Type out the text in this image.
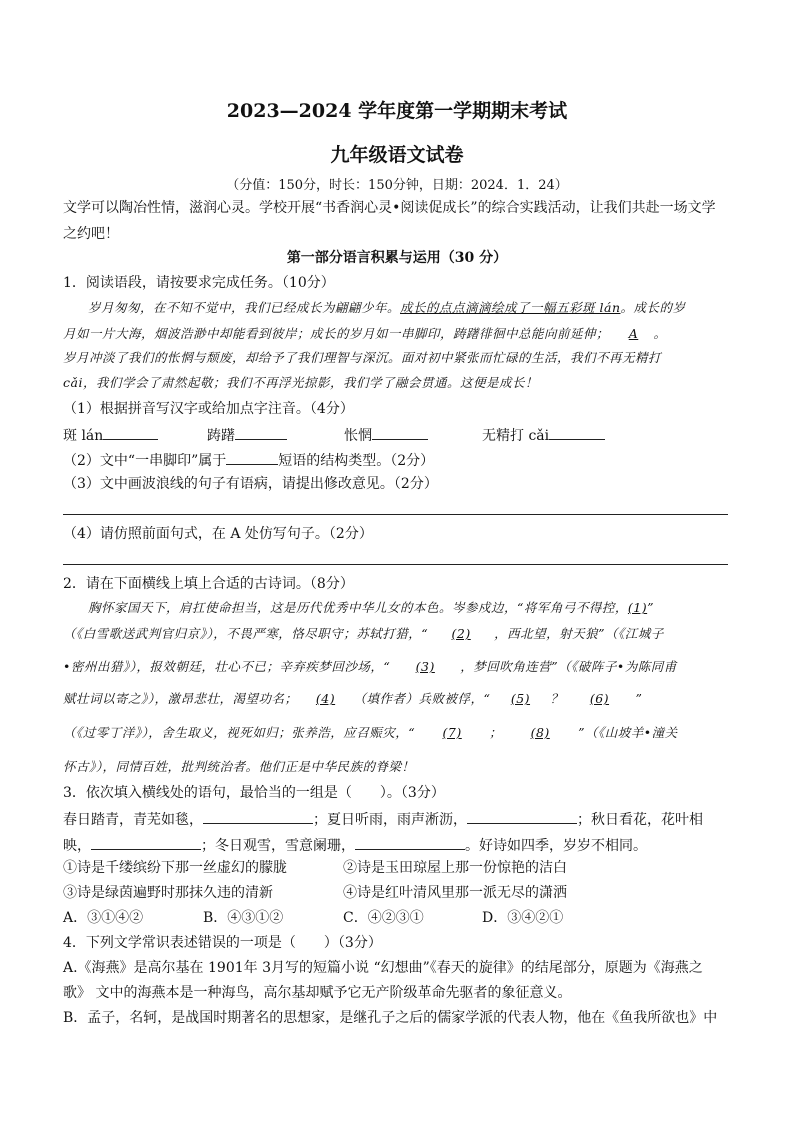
2023—2024 学年度第一学期期末考试
九年级语文试卷
（分值：150分，时长：150分钟，日期：2024．1．24）
文学可以陶冶性情，滋润心灵。学校开展“书香润心灵•阅读促成长”的综合实践活动，让我们共赴一场文学
之约吧！
第一部分语言积累与运用（30 分）
1．阅读语段，请按要求完成任务。（10分）
岁月匆匆，在不知不觉中，我们已经成长为翩翩少年。成长的点点滴滴绘成了一幅五彩斑 lán。成长的岁
月如一片大海，烟波浩渺中却能看到彼岸；成长的岁月如一串脚印，踌躇徘徊中总能向前延伸； A 。
岁月冲淡了我们的怅惘与颓废，却给予了我们理智与深沉。面对初中紧张而忙碌的生活，我们不再无精打
cǎi，我们学会了肃然起敬；我们不再浮光掠影，我们学了融会贯通。这便是成长！
（1）根据拼音写汉字或给加点字注音。（4分）
斑 lán	踌躇	怅惘	无精打 cǎi
（2）文中“一串脚印”属于	短语的结构类型。（2分）
（3）文中画波浪线的句子有语病，请提出修改意见。（2分）
（4）请仿照前面句式，在 A 处仿写句子。（2分）
2．请在下面横线上填上合适的古诗词。（8分）
胸怀家国天下，肩扛使命担当，这是历代优秀中华儿女的本色。岑参戍边，“将军角弓不得控，(1)”
（《白雪歌送武判官归京》），不畏严寒，恪尽职守；苏轼打猎，“ (2) ，西北望，射天狼”（《江城子
•密州出猎》），报效朝廷，壮心不已；辛弃疾梦回沙场，“ (3) ，梦回吹角连营”（《破阵子•为陈同甫
赋壮词以寄之》），激昂悲壮，渴望功名； (4) （填作者）兵败被俘，“ (5) ？ (6) ”
（《过零丁洋》），舍生取义，视死如归；张养浩，应召赈灾，“ (7) ； (8) ”（《山坡羊•潼关
怀古》），同情百姓，批判统治者。他们正是中华民族的脊梁！
3．依次填入横线处的语句，最恰当的一组是（　　）。（3分）
春日踏青，青芜如毯，	；夏日听雨，雨声淅沥，	；秋日看花，花叶相
映，	；冬日观雪，雪意阑珊，	。好诗如四季，岁岁不相同。
①诗是千缕缤纷下那一丝虚幻的朦胧	②诗是玉田琼屋上那一份惊艳的洁白
③诗是绿茵遍野时那抹久违的清新	④诗是红叶清风里那一派无尽的潇洒
A．③①④②	B．④③①②	C．④②③①	D．③④②①
4．下列文学常识表述错误的一项是（　　）（3分）
A.《海燕》是高尔基在 1901年 3月写的短篇小说 “幻想曲”《春天的旋律》的结尾部分，原题为《海燕之
歌》 文中的海燕本是一种海鸟，高尔基却赋予它无产阶级革命先驱者的象征意义。
B．孟子，名轲，是战国时期著名的思想家，是继孔子之后的儒家学派的代表人物，他在《鱼我所欲也》中
